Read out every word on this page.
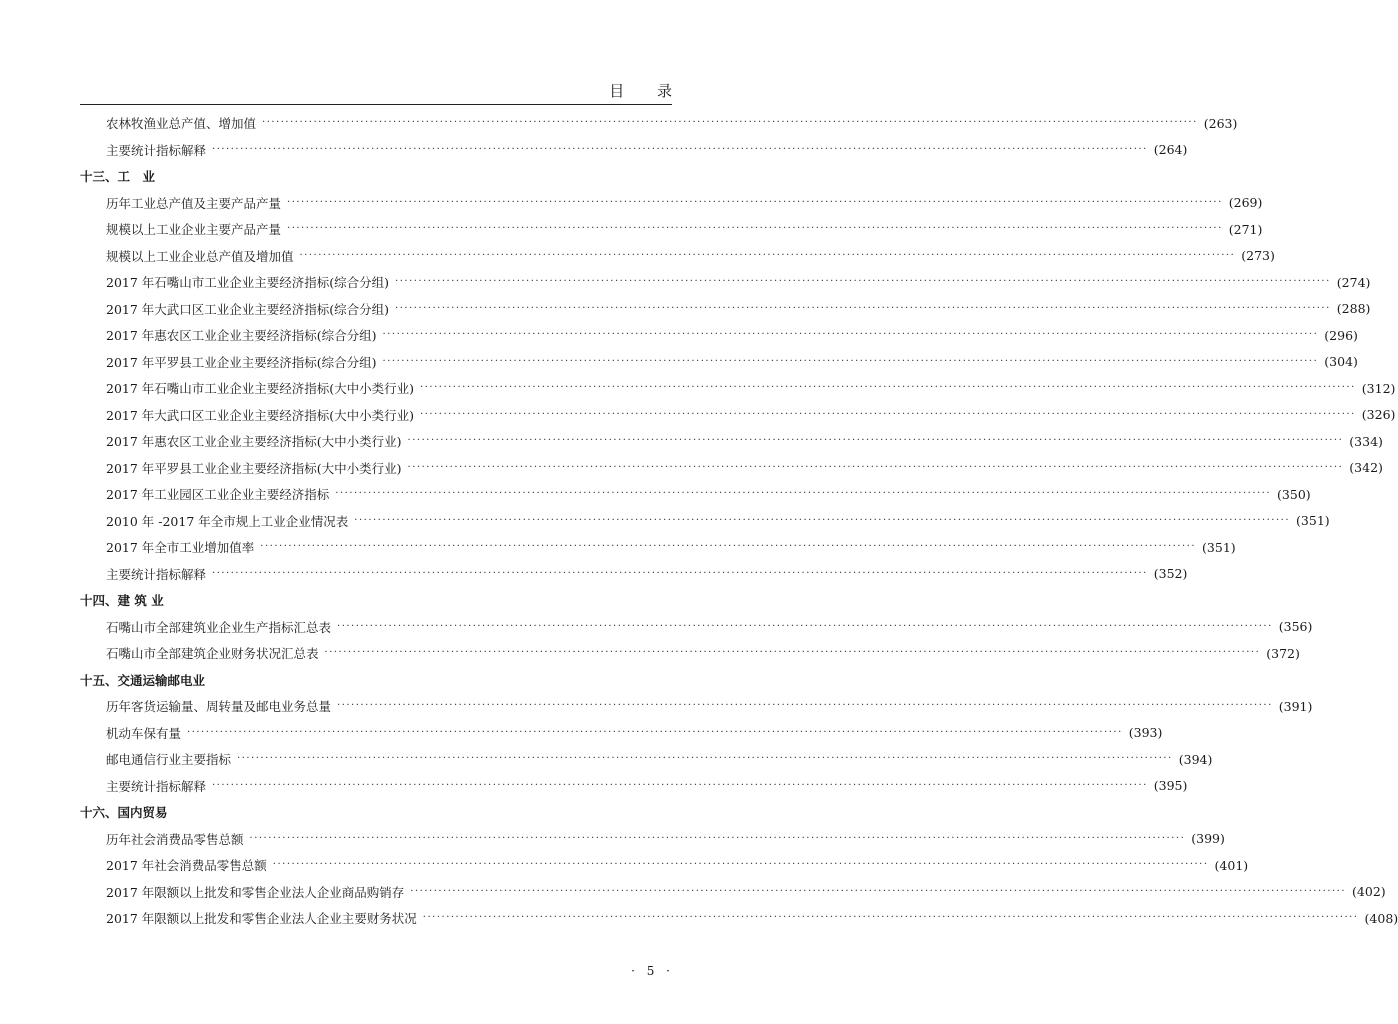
目 录
农林牧渔业总产值、增加值 ········································································································································································································ (263)
主要统计指标解释 ········································································································································································································ (264)
十三、工　业
历年工业总产值及主要产品产量 ········································································································································································································ (269)
规模以上工业企业主要产品产量 ········································································································································································································ (271)
规模以上工业企业总产值及增加值 ········································································································································································································ (273)
2017 年石嘴山市工业企业主要经济指标(综合分组) ········································································································································································································ (274)
2017 年大武口区工业企业主要经济指标(综合分组) ········································································································································································································ (288)
2017 年惠农区工业企业主要经济指标(综合分组) ········································································································································································································ (296)
2017 年平罗县工业企业主要经济指标(综合分组) ········································································································································································································ (304)
2017 年石嘴山市工业企业主要经济指标(大中小类行业) ········································································································································································································ (312)
2017 年大武口区工业企业主要经济指标(大中小类行业) ········································································································································································································ (326)
2017 年惠农区工业企业主要经济指标(大中小类行业) ········································································································································································································ (334)
2017 年平罗县工业企业主要经济指标(大中小类行业) ········································································································································································································ (342)
2017 年工业园区工业企业主要经济指标 ········································································································································································································ (350)
2010 年 -2017 年全市规上工业企业情况表 ········································································································································································································ (351)
2017 年全市工业增加值率 ········································································································································································································ (351)
主要统计指标解释 ········································································································································································································ (352)
十四、建 筑 业
石嘴山市全部建筑业企业生产指标汇总表 ········································································································································································································ (356)
石嘴山市全部建筑企业财务状况汇总表 ········································································································································································································ (372)
十五、交通运输邮电业
历年客货运输量、周转量及邮电业务总量 ········································································································································································································ (391)
机动车保有量 ········································································································································································································ (393)
邮电通信行业主要指标 ········································································································································································································ (394)
主要统计指标解释 ········································································································································································································ (395)
十六、国内贸易
历年社会消费品零售总额 ········································································································································································································ (399)
2017 年社会消费品零售总额 ········································································································································································································ (401)
2017 年限额以上批发和零售企业法人企业商品购销存 ········································································································································································································ (402)
2017 年限额以上批发和零售企业法人企业主要财务状况 ········································································································································································································ (408)
· 5 ·
